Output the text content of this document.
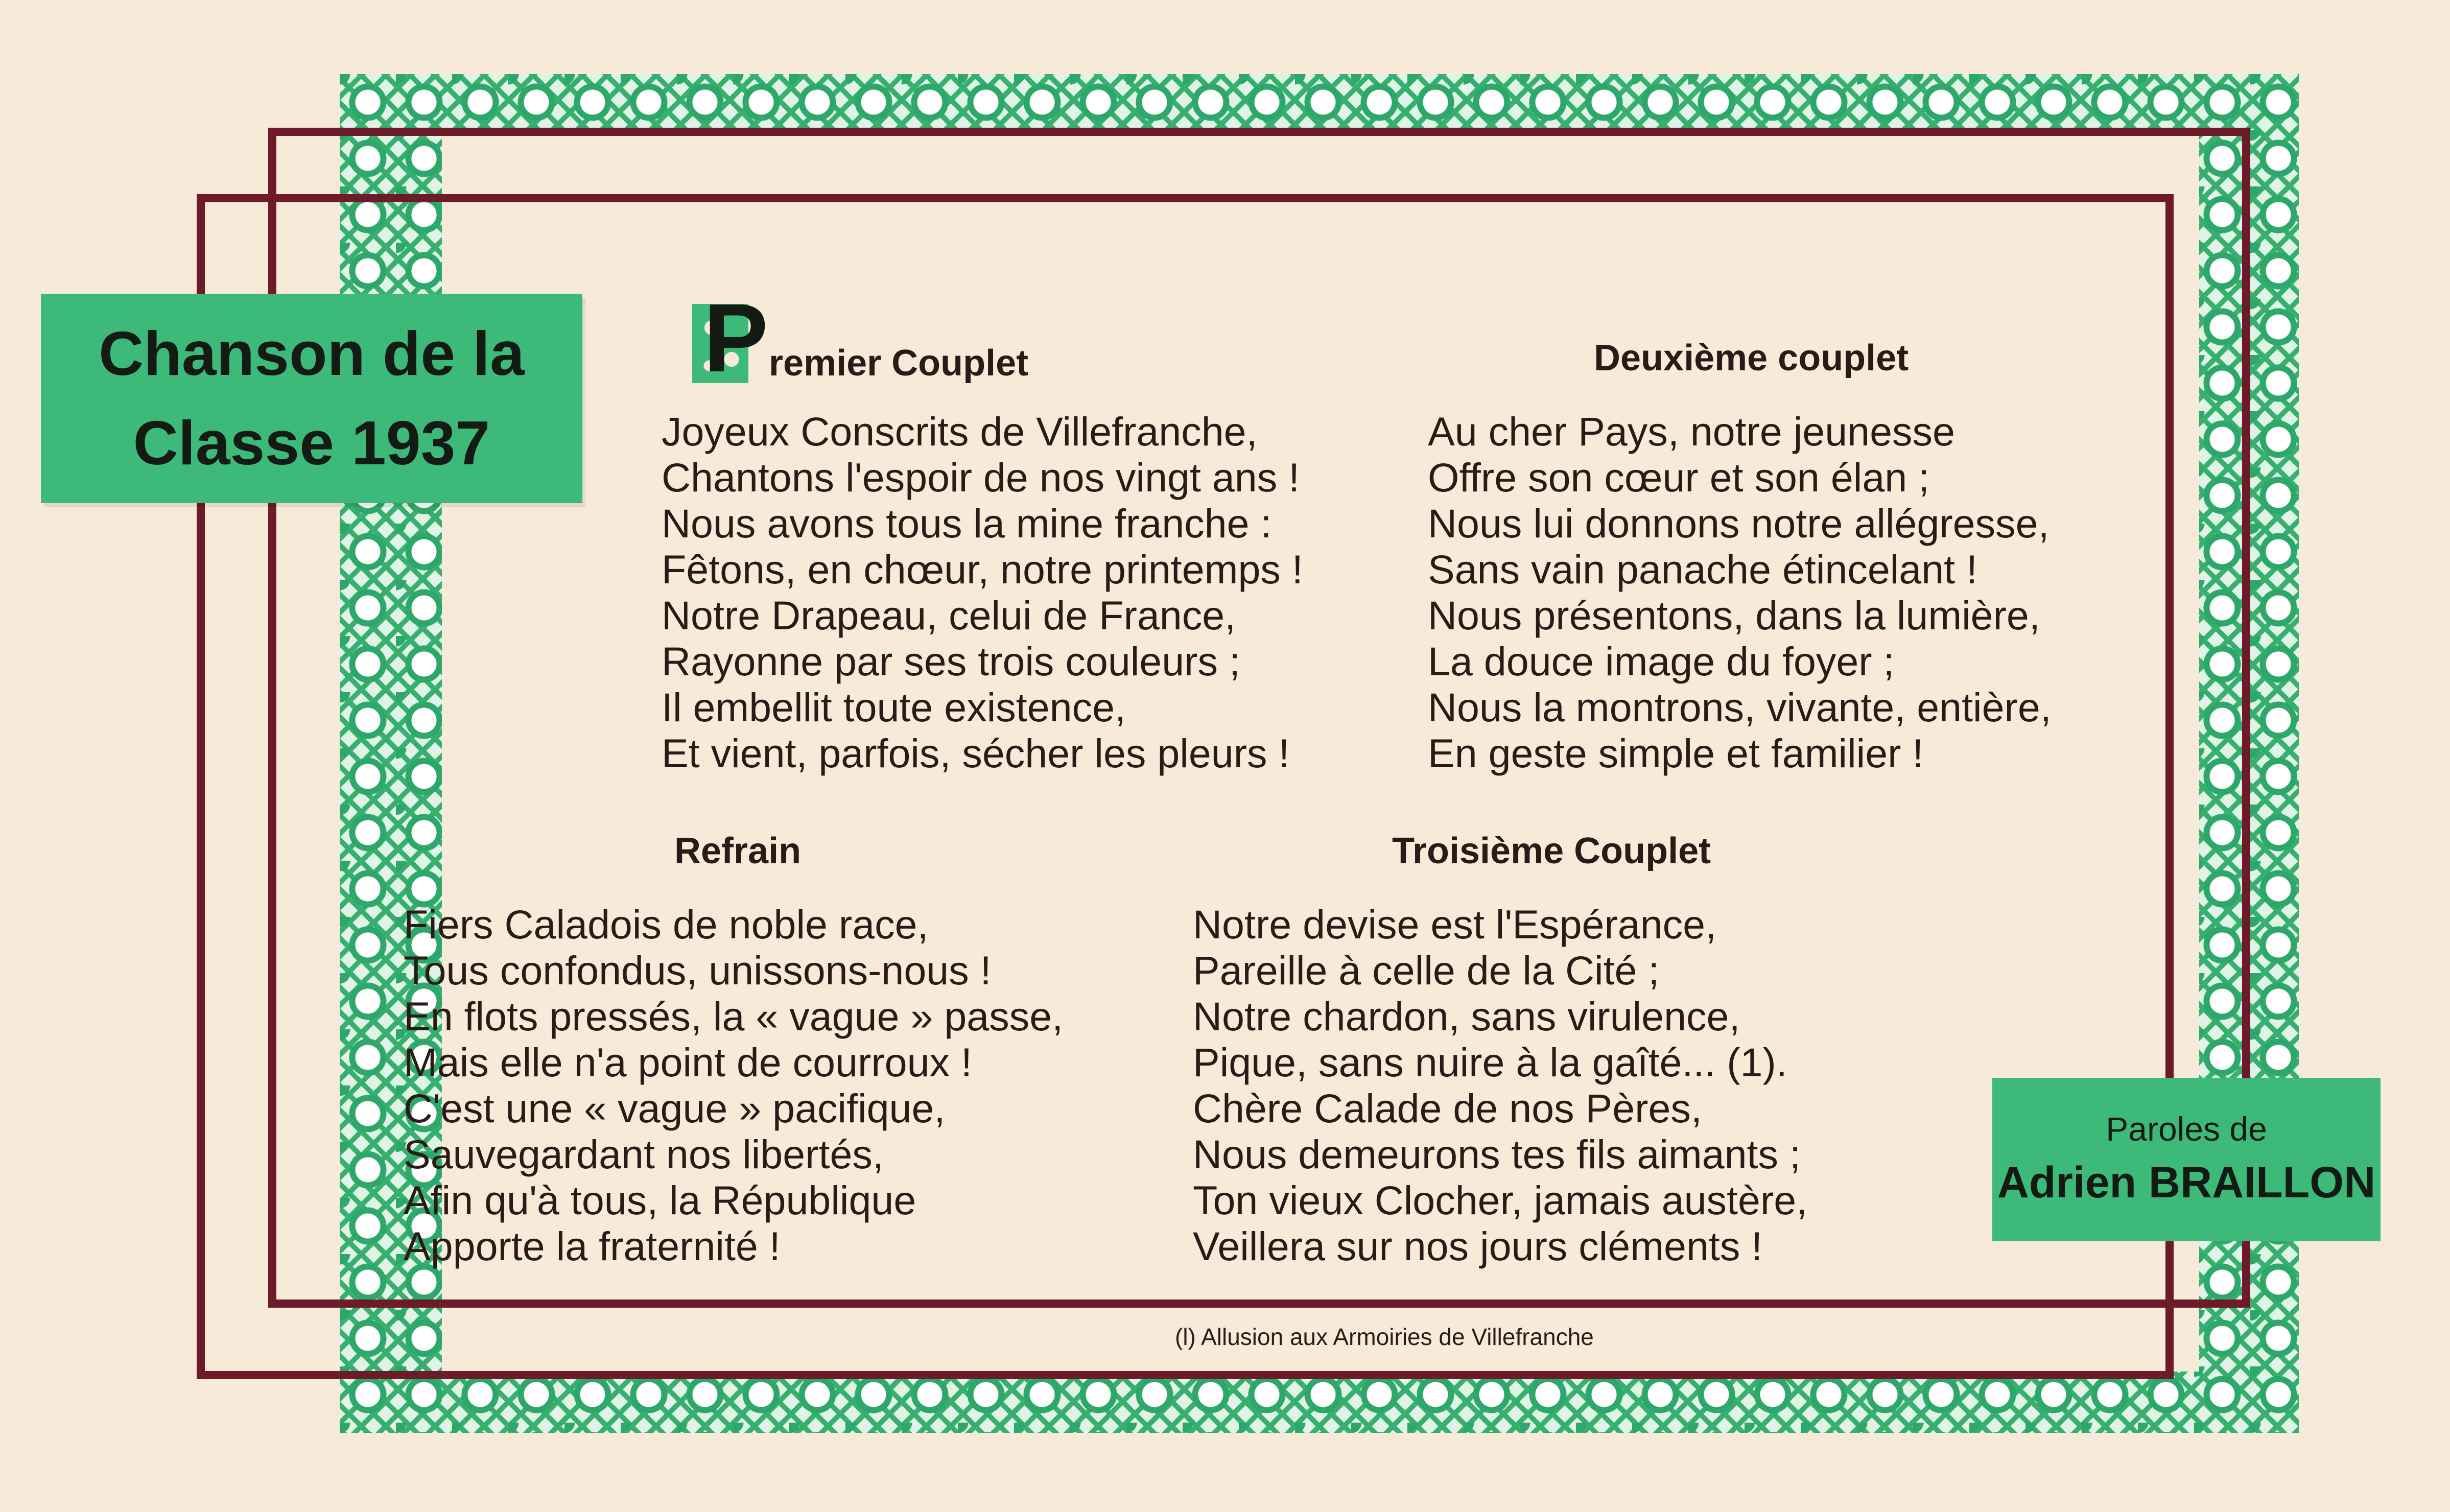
Chanson de la
Classe 1937
Paroles de
Adrien BRAILLON
P remier Couplet
Joyeux Conscrits de Villefranche,
Chantons l'espoir de nos vingt ans !
Nous avons tous la mine franche :
Fêtons, en chœur, notre printemps !
Notre Drapeau, celui de France,
Rayonne par ses trois couleurs ;
Il embellit toute existence,
Et vient, parfois, sécher les pleurs !
Deuxième couplet
Au cher Pays, notre jeunesse
Offre son cœur et son élan ;
Nous lui donnons notre allégresse,
Sans vain panache étincelant !
Nous présentons, dans la lumière,
La douce image du foyer ;
Nous la montrons, vivante, entière,
En geste simple et familier !
Refrain
Fiers Caladois de noble race,
Tous confondus, unissons-nous !
En flots pressés, la « vague » passe,
Mais elle n'a point de courroux !
C'est une « vague » pacifique,
Sauvegardant nos libertés,
Afin qu'à tous, la République
Apporte la fraternité !
Troisième Couplet
Notre devise est l'Espérance,
Pareille à celle de la Cité ;
Notre chardon, sans virulence,
Pique, sans nuire à la gaîté... (1).
Chère Calade de nos Pères,
Nous demeurons tes fils aimants ;
Ton vieux Clocher, jamais austère,
Veillera sur nos jours cléments !
(l) Allusion aux Armoiries de Villefranche
